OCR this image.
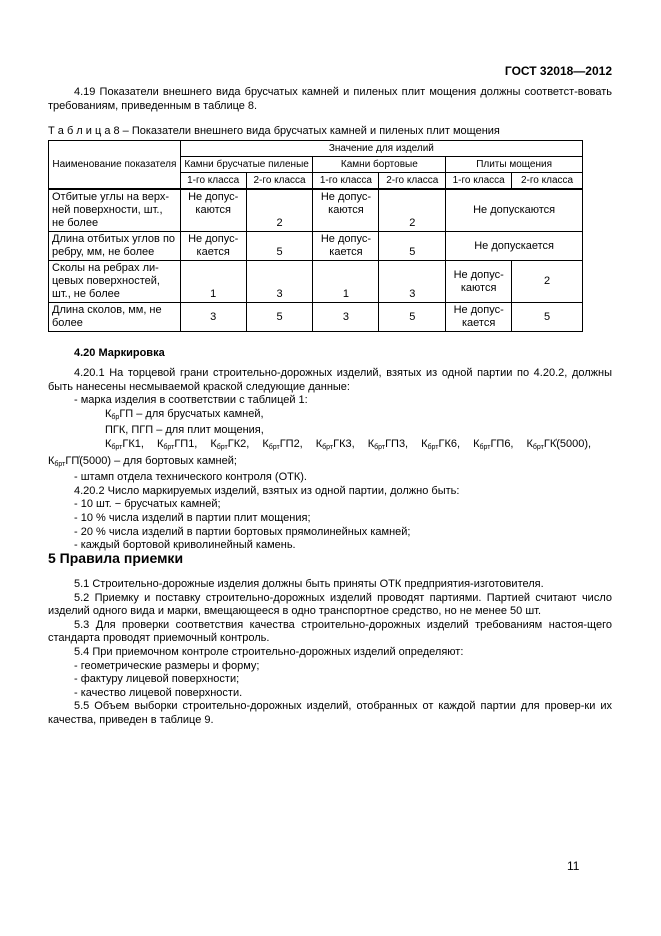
ГОСТ 32018—2012

4.19 Показатели внешнего вида брусчатых камней и пиленых плит мощения должны соответст-вовать требованиям, приведенным в таблице 8.

Т а б л и ц а 8 – Показатели внешнего вида брусчатых камней и пиленых плит мощения
Наименование показателя	Значение для изделий					
	Камни брусчатые пиленые		Камни бортовые		Плиты мощения	
	1-го класса	2-го класса	1-го класса	2-го класса	1-го класса	2-го класса
Отбитые углы на верх-ней поверхности, шт., не более	Не допус-каются	2	Не допус-каются	2	Не допускаются	
Длина отбитых углов по ребру, мм, не более	Не допус-кается	5	Не допус-кается	5	Не допускается	
Сколы на ребрах ли-цевых поверхностей, шт., не более	1	3	1	3	Не допус-каются	2
Длина сколов, мм, не более	3	5	3	5	Не допус-кается	5
4.20 Маркировка

4.20.1 На торцевой грани строительно-дорожных изделий, взятых из одной партии по 4.20.2, должны быть нанесены несмываемой краской следующие данные:

- марка изделия в соответствии с таблицей 1:

$К_{бр}ГП$ – для брусчатых камней,

ПГК, ПГП – для плит мощения,

$К_{брт}ГК1$, $К_{брт}ГП1$, $К_{брт}ГК2$, $К_{брт}ГП2$, $К_{брт}ГК3$, $К_{брт}ГП3$, $К_{брт}ГК6$, $К_{брт}ГП6$, $К_{брт}ГК̍(5000)$,

$К_{брт}ГП̍(5000)$ – для бортовых камней;

- штамп отдела технического контроля (ОТК).

4.20.2 Число маркируемых изделий, взятых из одной партии, должно быть:

- 10 шт. − брусчатых камней;

- 10 % числа изделий в партии плит мощения;

- 20 % числа изделий в партии бортовых прямолинейных камней;

- каждый бортовой криволинейный камень.

5 Правила приемки

5.1 Строительно-дорожные изделия должны быть приняты ОТК предприятия-изготовителя.

5.2 Приемку и поставку строительно-дорожных изделий проводят партиями. Партией считают число изделий одного вида и марки, вмещающееся в одно транспортное средство, но не менее 50 шт.

5.3 Для проверки соответствия качества строительно-дорожных изделий требованиям настоя-щего стандарта проводят приемочный контроль.

5.4 При приемочном контроле строительно-дорожных изделий определяют:

- геометрические размеры и форму;

- фактуру лицевой поверхности;

- качество лицевой поверхности.

5.5 Объем выборки строительно-дорожных изделий, отобранных от каждой партии для провер-ки их качества, приведен в таблице 9.

11
